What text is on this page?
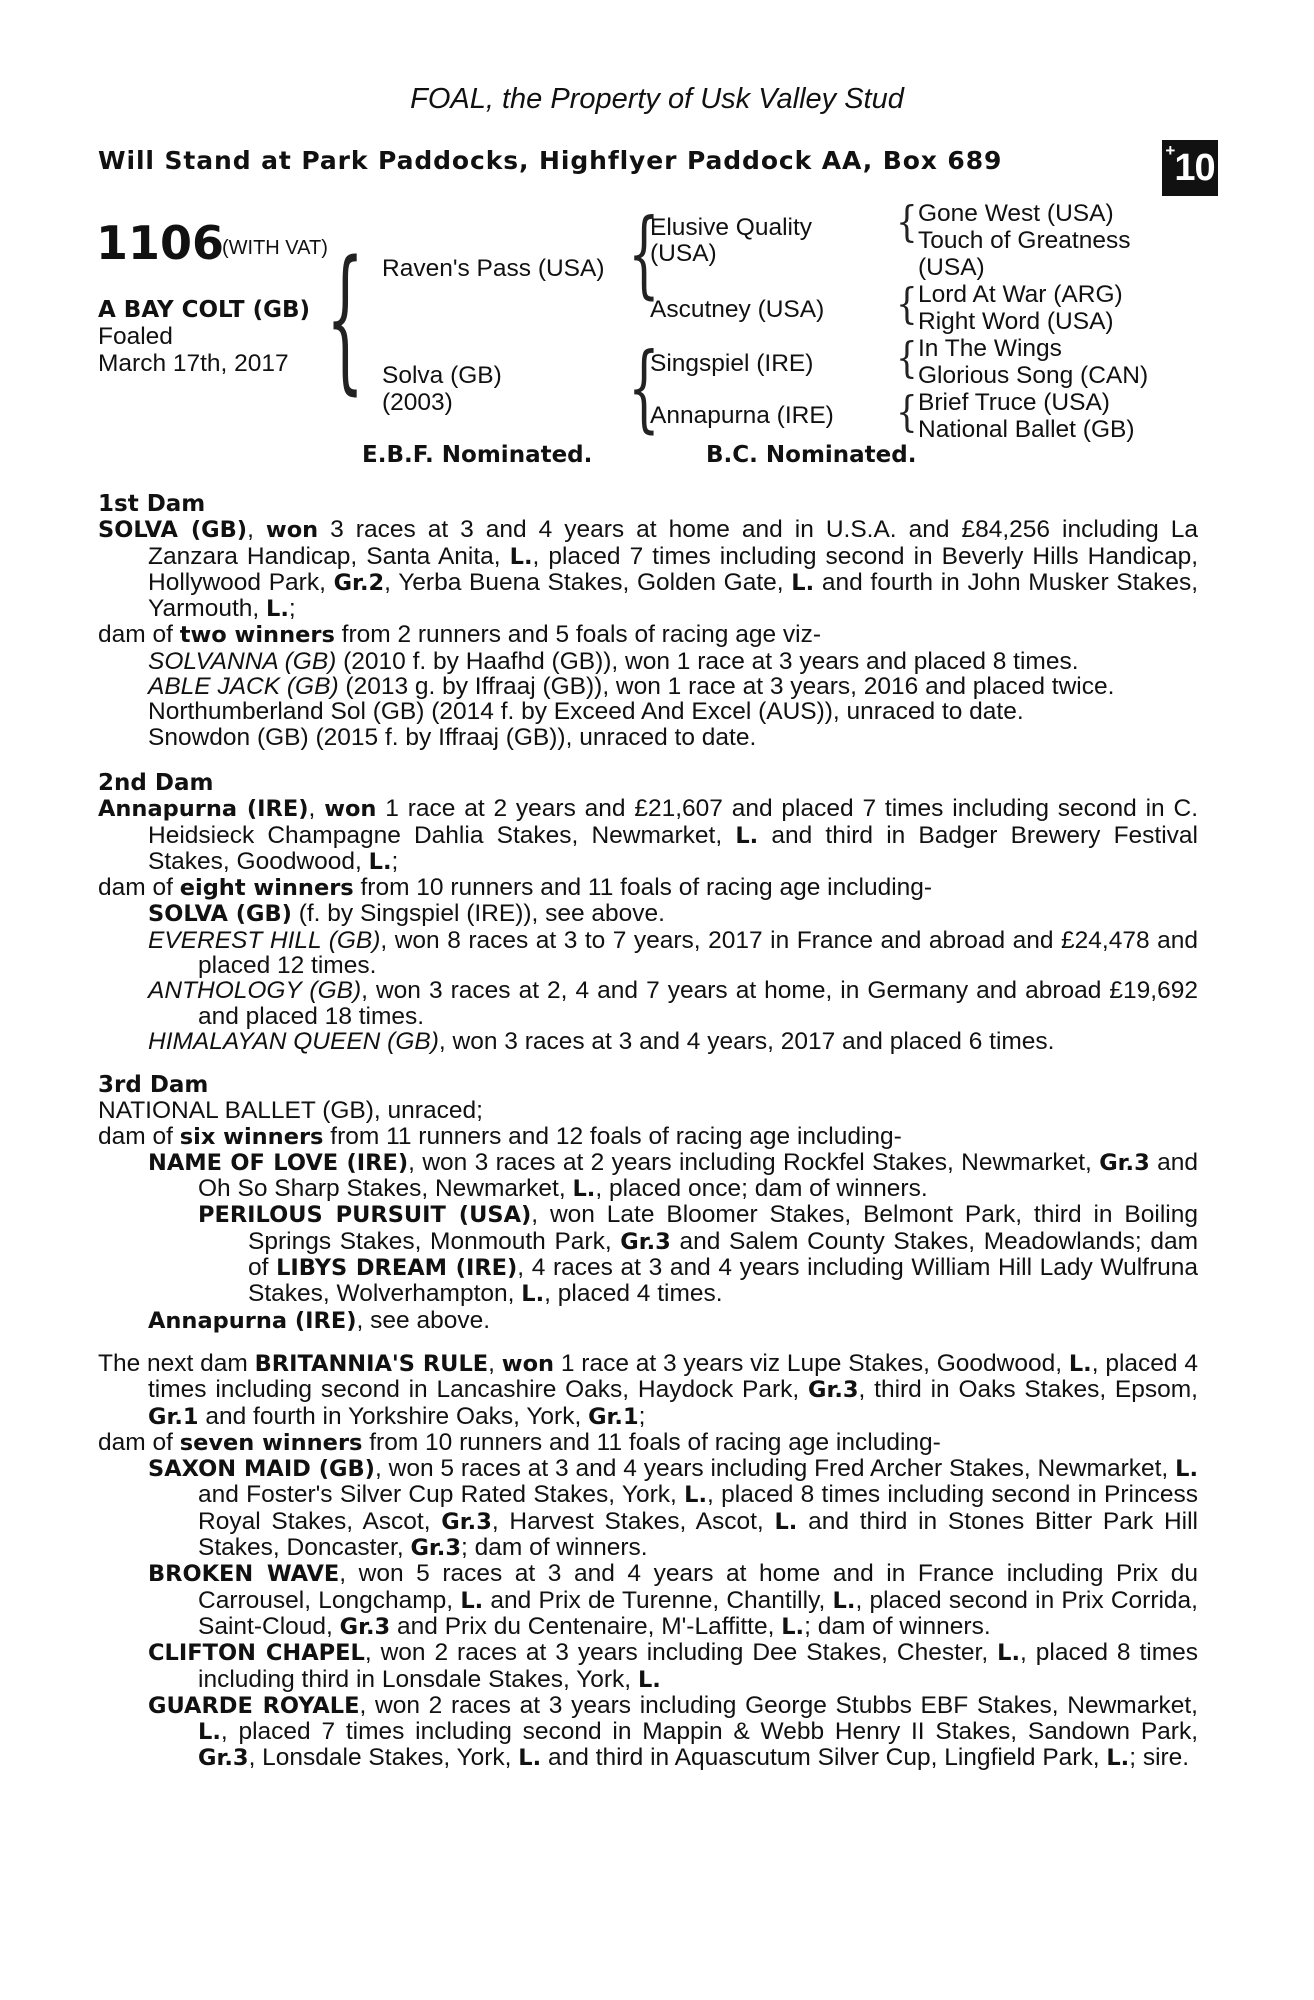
FOAL, the Property of Usk Valley Stud
Will Stand at Park Paddocks, Highflyer Paddock AA, Box 689	+10
1106
(WITH VAT)
A BAY COLT (GB)
Foaled
March 17th, 2017 { Raven's Pass (USA)
Solva (GB)
(2003)
{
Elusive Quality
(USA)
Ascutney (USA)
{
Singspiel (IRE)
Annapurna (IRE)
{ Gone West (USA)
Touch of Greatness
(USA)
{ Lord At War (ARG)
Right Word (USA)
{ In The Wings
Glorious Song (CAN)
{ Brief Truce (USA)
National Ballet (GB)
E.B.F. Nominated.	B.C. Nominated.
1st Dam
SOLVA (GB), won 3 races at 3 and 4 years at home and in U.S.A. and £84,256 including La Zanzara Handicap, Santa Anita, L., placed 7 times including second in Beverly Hills Handicap, Hollywood Park, Gr.2, Yerba Buena Stakes, Golden Gate, L. and fourth in John Musker Stakes, Yarmouth, L.;
dam of two winners from 2 runners and 5 foals of racing age viz-
SOLVANNA (GB) (2010 f. by Haafhd (GB)), won 1 race at 3 years and placed 8 times.
ABLE JACK (GB) (2013 g. by Iffraaj (GB)), won 1 race at 3 years, 2016 and placed twice.
Northumberland Sol (GB) (2014 f. by Exceed And Excel (AUS)), unraced to date.
Snowdon (GB) (2015 f. by Iffraaj (GB)), unraced to date.
2nd Dam
Annapurna (IRE), won 1 race at 2 years and £21,607 and placed 7 times including second in C. Heidsieck Champagne Dahlia Stakes, Newmarket, L. and third in Badger Brewery Festival Stakes, Goodwood, L.;
dam of eight winners from 10 runners and 11 foals of racing age including-
SOLVA (GB) (f. by Singspiel (IRE)), see above.
EVEREST HILL (GB), won 8 races at 3 to 7 years, 2017 in France and abroad and £24,478 and placed 12 times.
ANTHOLOGY (GB), won 3 races at 2, 4 and 7 years at home, in Germany and abroad £19,692 and placed 18 times.
HIMALAYAN QUEEN (GB), won 3 races at 3 and 4 years, 2017 and placed 6 times.
3rd Dam
NATIONAL BALLET (GB), unraced;
dam of six winners from 11 runners and 12 foals of racing age including-
NAME OF LOVE (IRE), won 3 races at 2 years including Rockfel Stakes, Newmarket, Gr.3 and Oh So Sharp Stakes, Newmarket, L., placed once; dam of winners.
PERILOUS PURSUIT (USA), won Late Bloomer Stakes, Belmont Park, third in Boiling Springs Stakes, Monmouth Park, Gr.3 and Salem County Stakes, Meadowlands; dam of LIBYS DREAM (IRE), 4 races at 3 and 4 years including William Hill Lady Wulfruna Stakes, Wolverhampton, L., placed 4 times.
Annapurna (IRE), see above.
The next dam BRITANNIA'S RULE, won 1 race at 3 years viz Lupe Stakes, Goodwood, L., placed 4 times including second in Lancashire Oaks, Haydock Park, Gr.3, third in Oaks Stakes, Epsom, Gr.1 and fourth in Yorkshire Oaks, York, Gr.1;
dam of seven winners from 10 runners and 11 foals of racing age including-
SAXON MAID (GB), won 5 races at 3 and 4 years including Fred Archer Stakes, Newmarket, L. and Foster's Silver Cup Rated Stakes, York, L., placed 8 times including second in Princess Royal Stakes, Ascot, Gr.3, Harvest Stakes, Ascot, L. and third in Stones Bitter Park Hill Stakes, Doncaster, Gr.3; dam of winners.
BROKEN WAVE, won 5 races at 3 and 4 years at home and in France including Prix du Carrousel, Longchamp, L. and Prix de Turenne, Chantilly, L., placed second in Prix Corrida, Saint-Cloud, Gr.3 and Prix du Centenaire, M'-Laffitte, L.; dam of winners.
CLIFTON CHAPEL, won 2 races at 3 years including Dee Stakes, Chester, L., placed 8 times including third in Lonsdale Stakes, York, L.
GUARDE ROYALE, won 2 races at 3 years including George Stubbs EBF Stakes, Newmarket, L., placed 7 times including second in Mappin & Webb Henry II Stakes, Sandown Park, Gr.3, Lonsdale Stakes, York, L. and third in Aquascutum Silver Cup, Lingfield Park, L.; sire.
